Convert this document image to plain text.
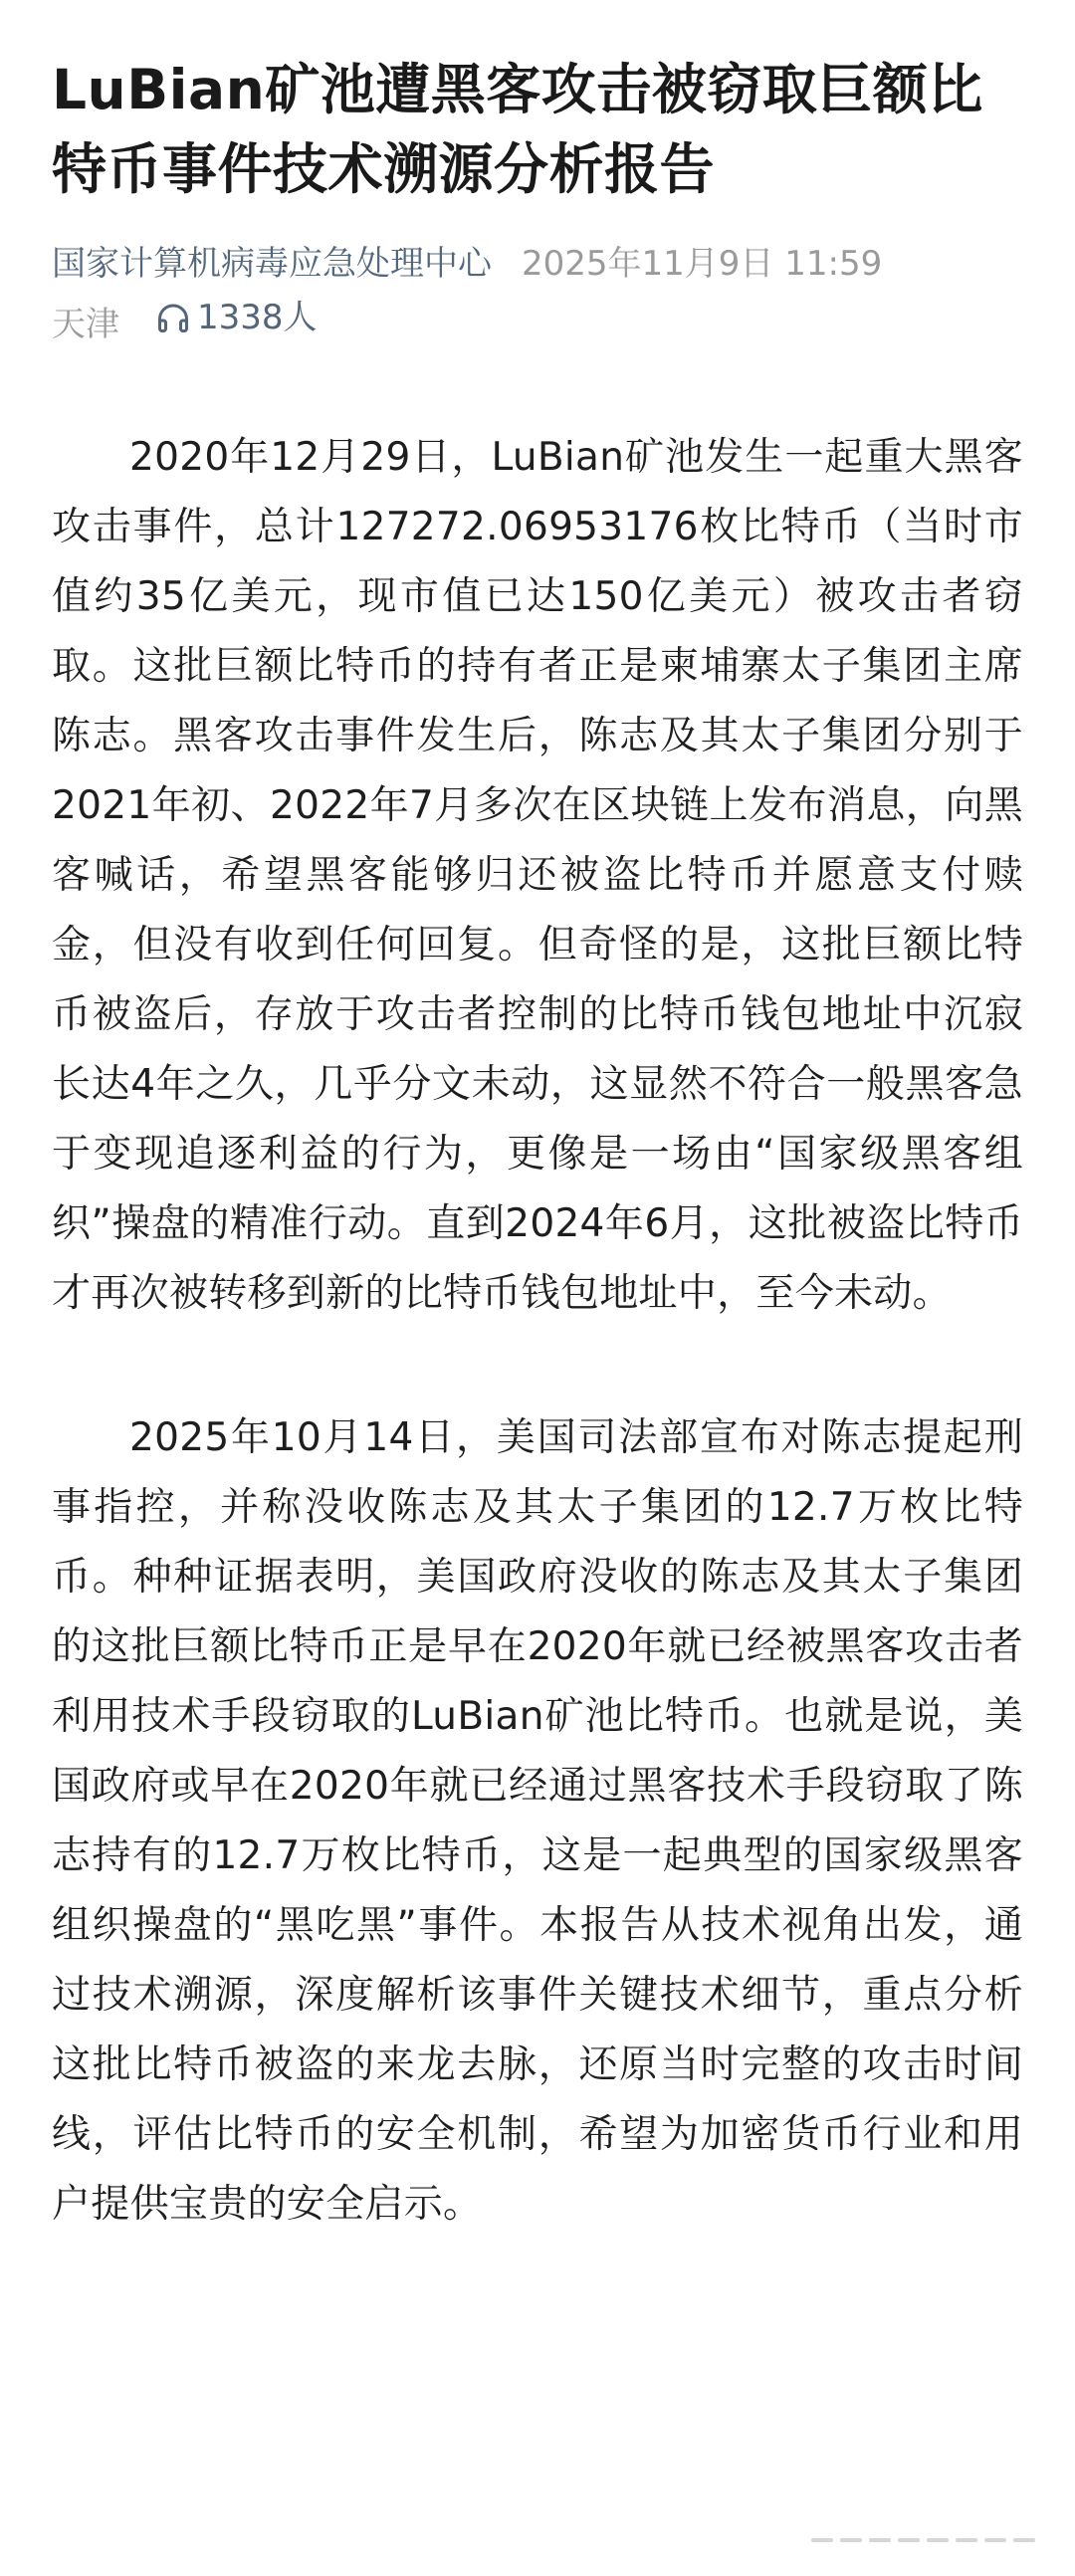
LuBian矿池遭黑客攻击被窃取巨额比特币事件技术溯源分析报告
国家计算机病毒应急处理中心 2025年11月9日 11:59
天津 1338人

2020年12月29日，LuBian矿池发生一起重大黑客攻击事件，总计127272.06953176枚比特币（当时市值约35亿美元，现市值已达150亿美元）被攻击者窃取。这批巨额比特币的持有者正是柬埔寨太子集团主席陈志。黑客攻击事件发生后，陈志及其太子集团分别于2021年初、2022年7月多次在区块链上发布消息，向黑客喊话，希望黑客能够归还被盗比特币并愿意支付赎金，但没有收到任何回复。但奇怪的是，这批巨额比特币被盗后，存放于攻击者控制的比特币钱包地址中沉寂长达4年之久，几乎分文未动，这显然不符合一般黑客急于变现追逐利益的行为，更像是一场由“国家级黑客组织”操盘的精准行动。直到2024年6月，这批被盗比特币才再次被转移到新的比特币钱包地址中，至今未动。

2025年10月14日，美国司法部宣布对陈志提起刑事指控，并称没收陈志及其太子集团的12.7万枚比特币。种种证据表明，美国政府没收的陈志及其太子集团的这批巨额比特币正是早在2020年就已经被黑客攻击者利用技术手段窃取的LuBian矿池比特币。也就是说，美国政府或早在2020年就已经通过黑客技术手段窃取了陈志持有的12.7万枚比特币，这是一起典型的国家级黑客组织操盘的“黑吃黑”事件。本报告从技术视角出发，通过技术溯源，深度解析该事件关键技术细节，重点分析这批比特币被盗的来龙去脉，还原当时完整的攻击时间线，评估比特币的安全机制，希望为加密货币行业和用户提供宝贵的安全启示。
